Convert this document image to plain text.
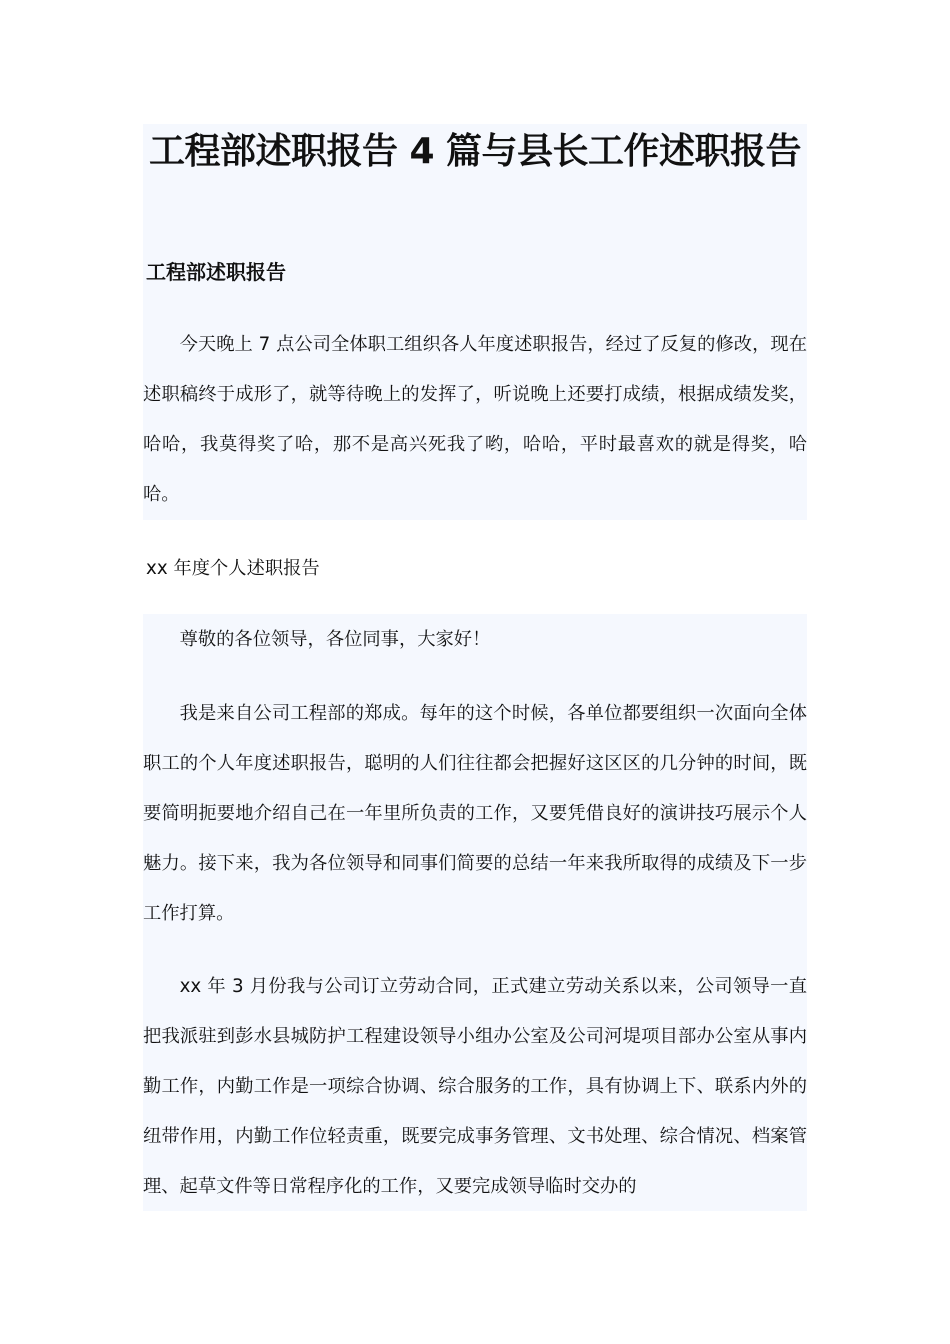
工程部述职报告 4 篇与县长工作述职报告
工程部述职报告

今天晚上 7 点公司全体职工组织各人年度述职报告，经过了反复的修改，现在述职稿终于成形了，就等待晚上的发挥了，听说晚上还要打成绩，根据成绩发奖，哈哈，我莫得奖了哈，那不是高兴死我了哟，哈哈，平时最喜欢的就是得奖，哈哈。

xx 年度个人述职报告

尊敬的各位领导，各位同事，大家好！

我是来自公司工程部的郑成。每年的这个时候，各单位都要组织一次面向全体职工的个人年度述职报告，聪明的人们往往都会把握好这区区的几分钟的时间，既要简明扼要地介绍自己在一年里所负责的工作，又要凭借良好的演讲技巧展示个人魅力。接下来，我为各位领导和同事们简要的总结一年来我所取得的成绩及下一步工作打算。

xx 年 3 月份我与公司订立劳动合同，正式建立劳动关系以来，公司领导一直把我派驻到彭水县城防护工程建设领导小组办公室及公司河堤项目部办公室从事内勤工作，内勤工作是一项综合协调、综合服务的工作，具有协调上下、联系内外的纽带作用，内勤工作位轻责重，既要完成事务管理、文书处理、综合情况、档案管理、起草文件等日常程序化的工作，又要完成领导临时交办的
